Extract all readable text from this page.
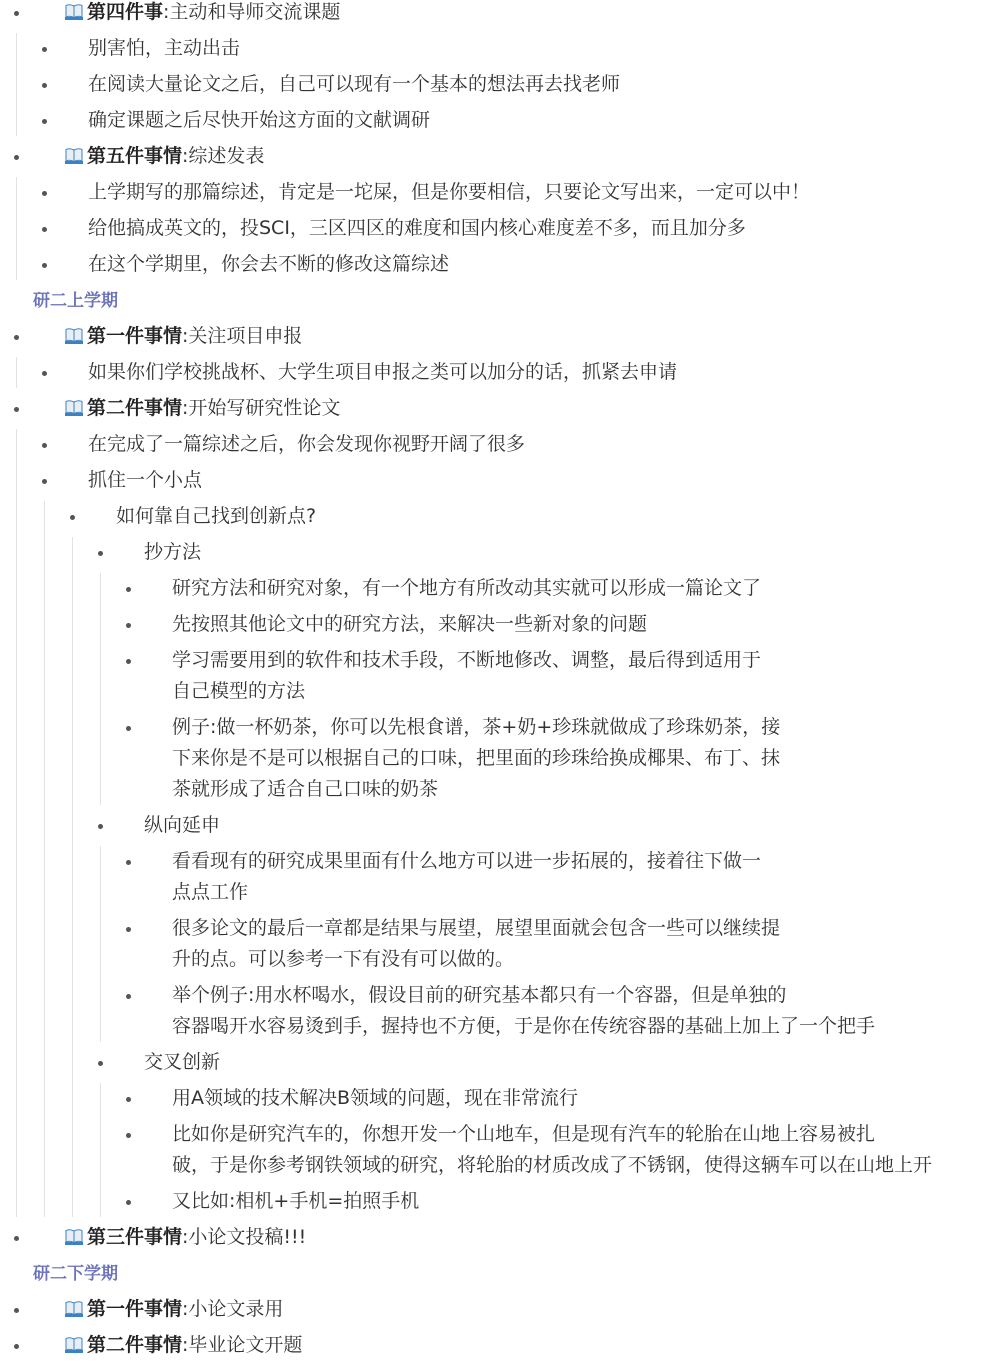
第四件事:主动和导师交流课题
别害怕，主动出击
在阅读大量论文之后，自己可以现有一个基本的想法再去找老师
确定课题之后尽快开始这方面的文献调研
第五件事情:综述发表
上学期写的那篇综述，肯定是一坨屎，但是你要相信，只要论文写出来，一定可以中！
给他搞成英文的，投SCI，三区四区的难度和国内核心难度差不多，而且加分多
在这个学期里，你会去不断的修改这篇综述
研二上学期
第一件事情:关注项目申报
如果你们学校挑战杯、大学生项目申报之类可以加分的话，抓紧去申请
第二件事情:开始写研究性论文
在完成了一篇综述之后，你会发现你视野开阔了很多
抓住一个小点
如何靠自己找到创新点?
抄方法
研究方法和研究对象，有一个地方有所改动其实就可以形成一篇论文了
先按照其他论文中的研究方法，来解决一些新对象的问题
学习需要用到的软件和技术手段，不断地修改、调整，最后得到适用于
自己模型的方法
例子:做一杯奶茶，你可以先根食谱，茶+奶+珍珠就做成了珍珠奶茶，接
下来你是不是可以根据自己的口味，把里面的珍珠给换成椰果、布丁、抹
茶就形成了适合自己口味的奶茶
纵向延申
看看现有的研究成果里面有什么地方可以进一步拓展的，接着往下做一
点点工作
很多论文的最后一章都是结果与展望，展望里面就会包含一些可以继续提
升的点。可以参考一下有没有可以做的。
举个例子:用水杯喝水，假设目前的研究基本都只有一个容器，但是单独的
容器喝开水容易烫到手，握持也不方便，于是你在传统容器的基础上加上了一个把手
交叉创新
用A领域的技术解决B领域的问题，现在非常流行
比如你是研究汽车的，你想开发一个山地车，但是现有汽车的轮胎在山地上容易被扎
破，于是你参考钢铁领域的研究，将轮胎的材质改成了不锈钢，使得这辆车可以在山地上开
又比如:相机+手机=拍照手机
第三件事情:小论文投稿!!!
研二下学期
第一件事情:小论文录用
第二件事情:毕业论文开题
